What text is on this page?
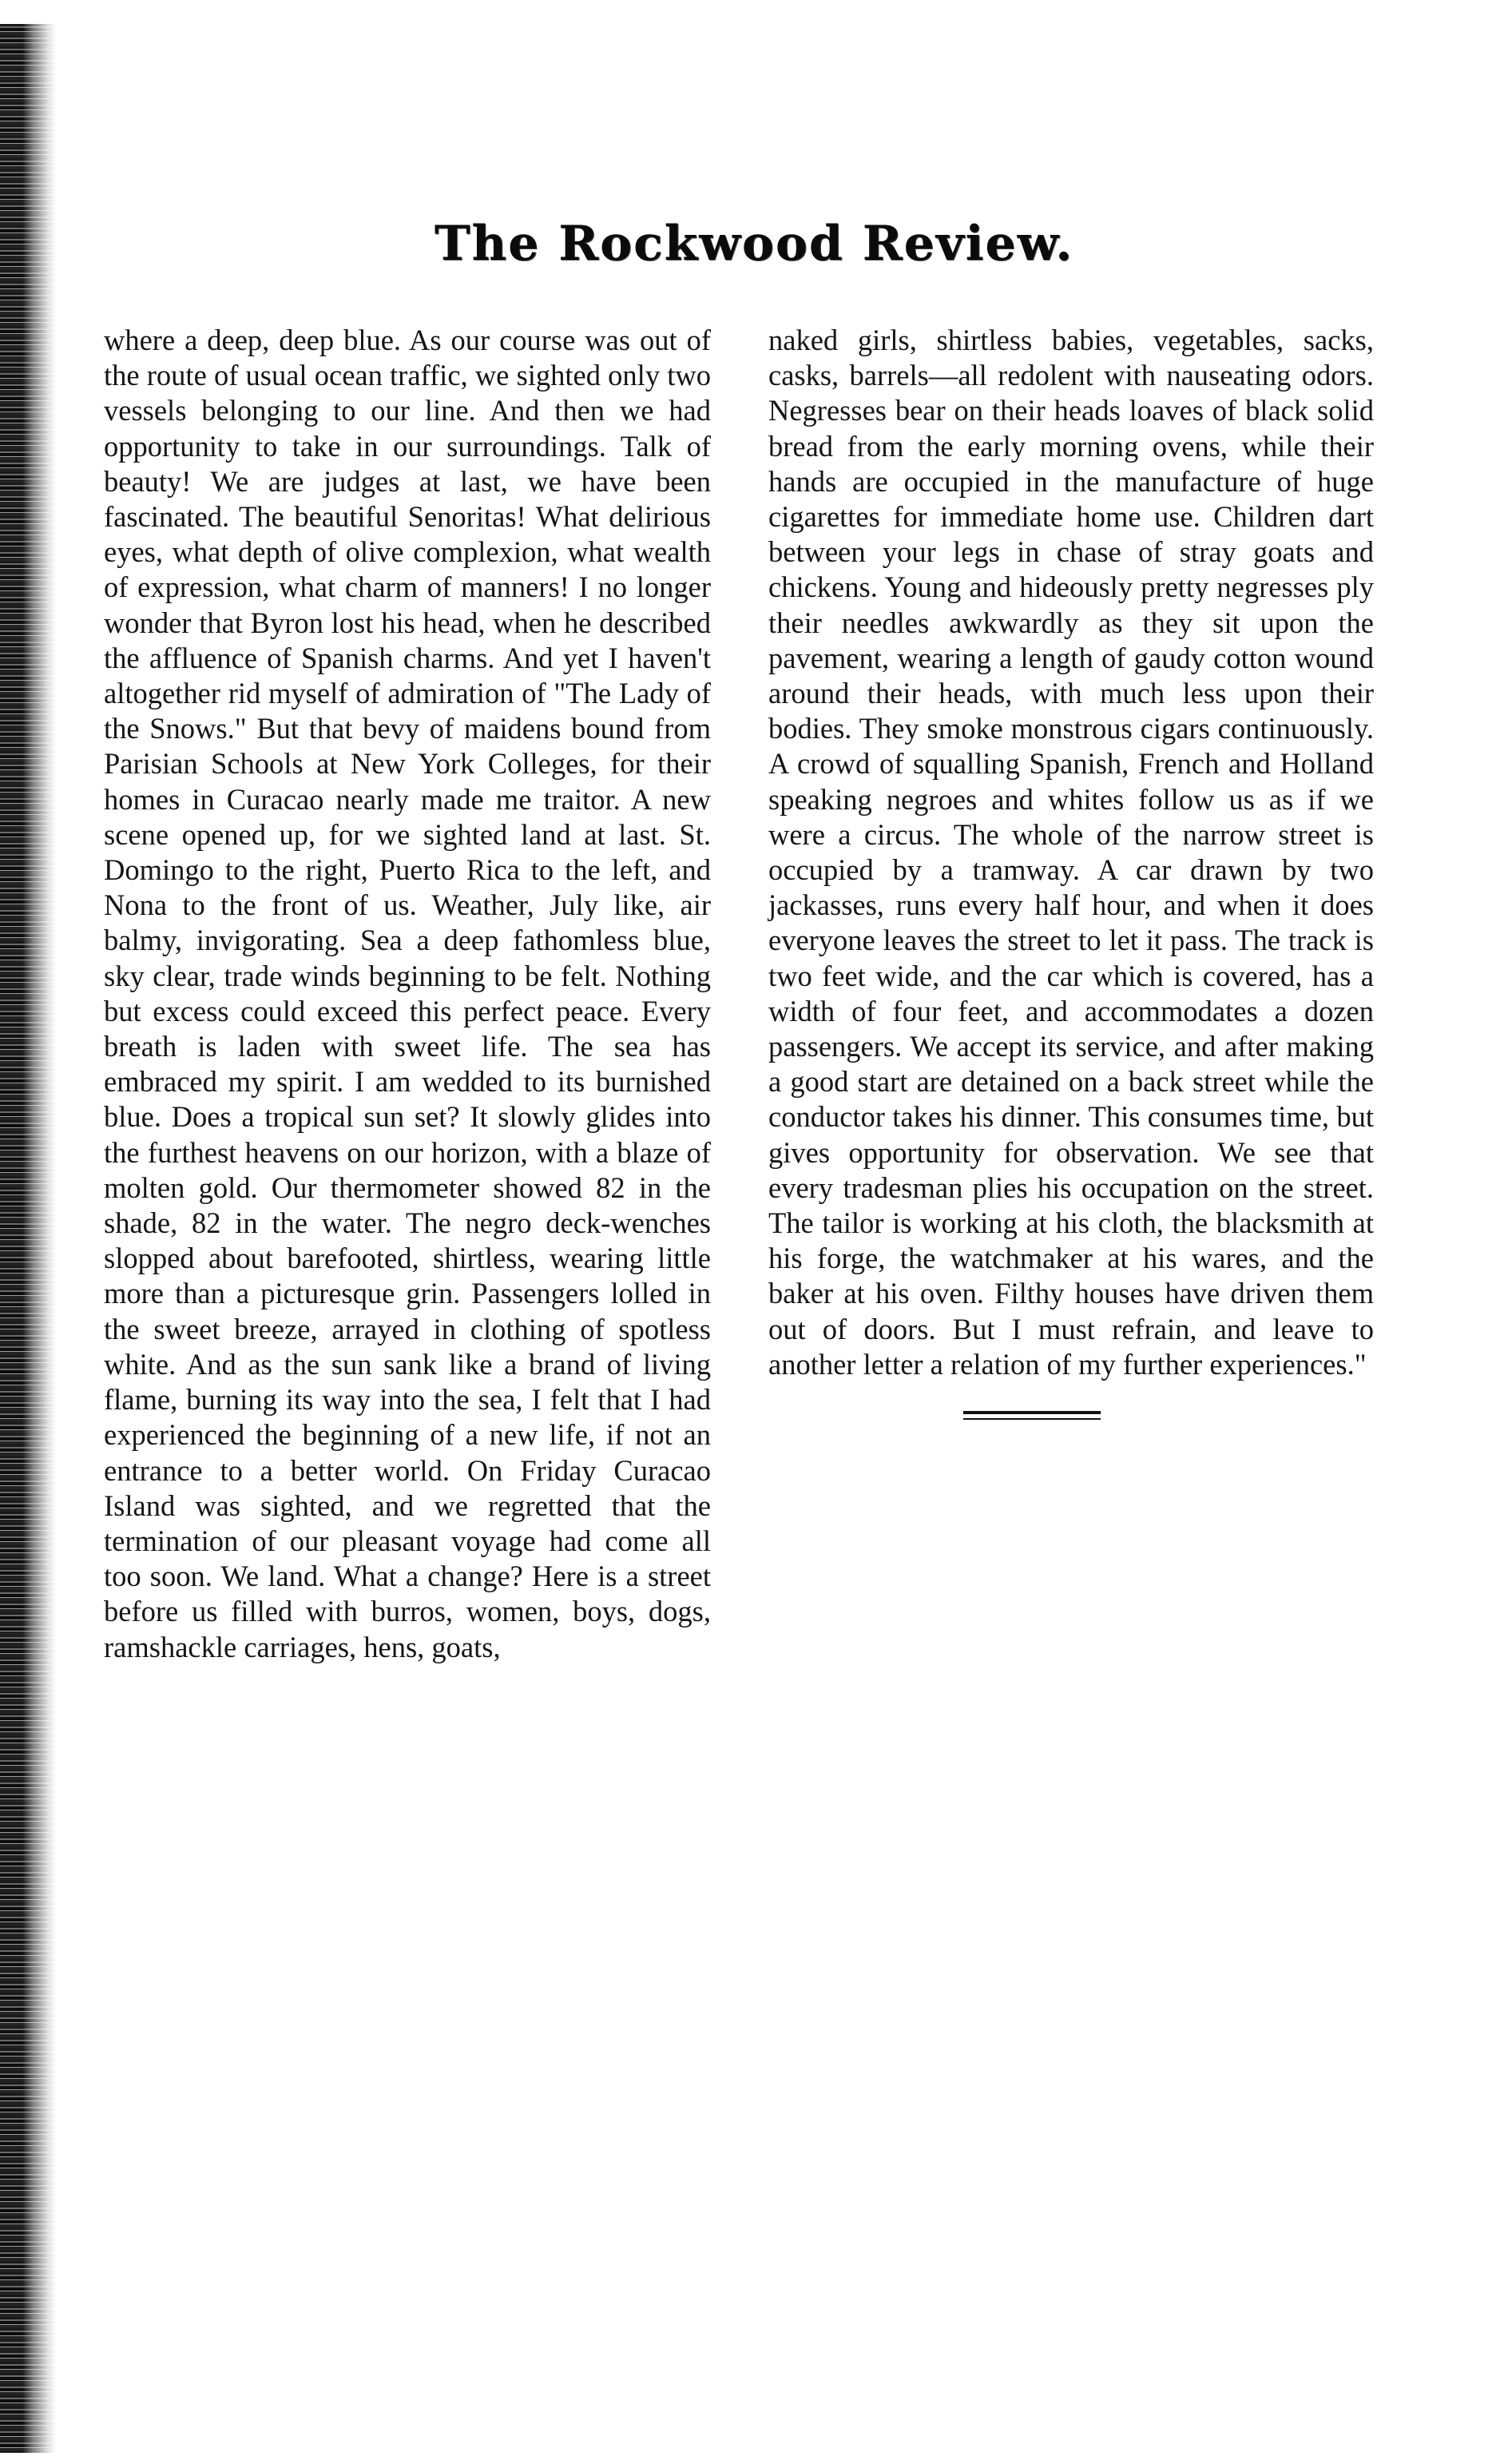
The Rockwood Review.

where a deep, deep blue. As our course was out of the route of usual ocean traffic, we sighted only two vessels belonging to our line. And then we had opportunity to take in our surroundings. Talk of beauty! We are judges at last, we have been fascinated. The beautiful Senoritas! What delirious eyes, what depth of olive complexion, what wealth of expression, what charm of manners! I no longer wonder that Byron lost his head, when he described the affluence of Spanish charms. And yet I haven't altogether rid myself of admiration of "The Lady of the Snows." But that bevy of maidens bound from Parisian Schools at New York Colleges, for their homes in Curacao nearly made me traitor. A new scene opened up, for we sighted land at last. St. Domingo to the right, Puerto Rica to the left, and Nona to the front of us. Weather, July like, air balmy, invigorating. Sea a deep fathomless blue, sky clear, trade winds beginning to be felt. Nothing but excess could exceed this perfect peace. Every breath is laden with sweet life. The sea has embraced my spirit. I am wedded to its burnished blue. Does a tropical sun set? It slowly glides into the furthest heavens on our horizon, with a blaze of molten gold. Our thermometer showed 82 in the shade, 82 in the water. The negro deck-wenches slopped about barefooted, shirtless, wearing little more than a picturesque grin. Passengers lolled in the sweet breeze, arrayed in clothing of spotless white. And as the sun sank like a brand of living flame, burning its way into the sea, I felt that I had experienced the beginning of a new life, if not an entrance to a better world. On Friday Curacao Island was sighted, and we regretted that the termination of our pleasant voyage had come all too soon. We land. What a change? Here is a street before us filled with burros, women, boys, dogs, ramshackle carriages, hens, goats,

naked girls, shirtless babies, vegetables, sacks, casks, barrels—all redolent with nauseating odors. Negresses bear on their heads loaves of black solid bread from the early morning ovens, while their hands are occupied in the manufacture of huge cigarettes for immediate home use. Children dart between your legs in chase of stray goats and chickens. Young and hideously pretty negresses ply their needles awkwardly as they sit upon the pavement, wearing a length of gaudy cotton wound around their heads, with much less upon their bodies. They smoke monstrous cigars continuously. A crowd of squalling Spanish, French and Holland speaking negroes and whites follow us as if we were a circus. The whole of the narrow street is occupied by a tramway. A car drawn by two jackasses, runs every half hour, and when it does everyone leaves the street to let it pass. The track is two feet wide, and the car which is covered, has a width of four feet, and accommodates a dozen passengers. We accept its service, and after making a good start are detained on a back street while the conductor takes his dinner. This consumes time, but gives opportunity for observation. We see that every tradesman plies his occupation on the street. The tailor is working at his cloth, the blacksmith at his forge, the watchmaker at his wares, and the baker at his oven. Filthy houses have driven them out of doors. But I must refrain, and leave to another letter a relation of my further experiences."
